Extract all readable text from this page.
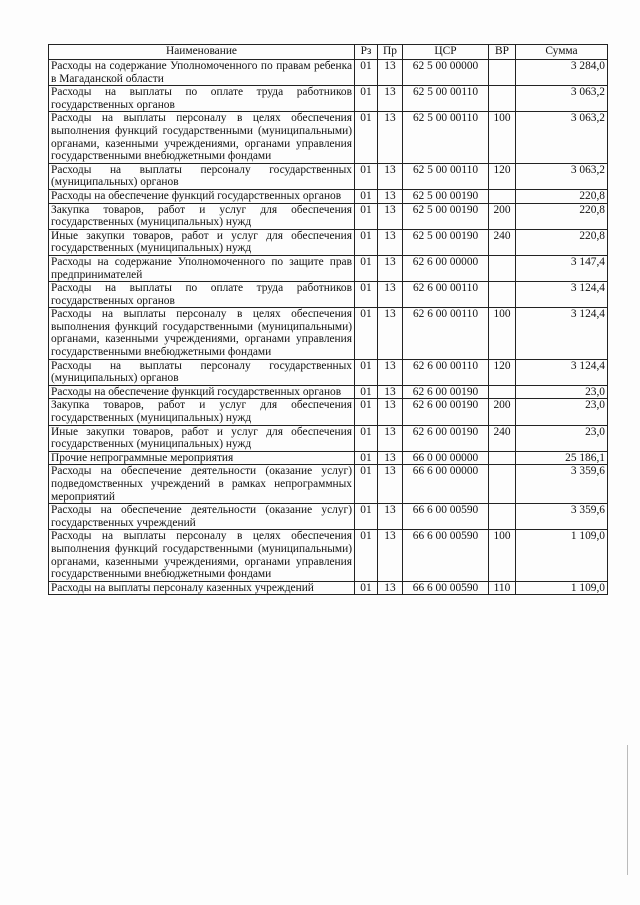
Наименование	Рз	Пр	ЦСР	ВР	Сумма
Расходы на содержание Уполномоченного по правам ребенка в Магаданской области	01	13	62 5 00 00000		3 284,0
Расходы на выплаты по оплате труда работников государственных органов	01	13	62 5 00 00110		3 063,2
Расходы на выплаты персоналу в целях обеспечения выполнения функций государственными (муниципальными) органами, казенными учреждениями, органами управления государственными внебюджетными фондами	01	13	62 5 00 00110	100	3 063,2
Расходы на выплаты персоналу государственных (муниципальных) органов	01	13	62 5 00 00110	120	3 063,2
Расходы на обеспечение функций государственных органов	01	13	62 5 00 00190		220,8
Закупка товаров, работ и услуг для обеспечения государственных (муниципальных) нужд	01	13	62 5 00 00190	200	220,8
Иные закупки товаров, работ и услуг для обеспечения государственных (муниципальных) нужд	01	13	62 5 00 00190	240	220,8
Расходы на содержание Уполномоченного по защите прав предпринимателей	01	13	62 6 00 00000		3 147,4
Расходы на выплаты по оплате труда работников государственных органов	01	13	62 6 00 00110		3 124,4
Расходы на выплаты персоналу в целях обеспечения выполнения функций государственными (муниципальными) органами, казенными учреждениями, органами управления государственными внебюджетными фондами	01	13	62 6 00 00110	100	3 124,4
Расходы на выплаты персоналу государственных (муниципальных) органов	01	13	62 6 00 00110	120	3 124,4
Расходы на обеспечение функций государственных органов	01	13	62 6 00 00190		23,0
Закупка товаров, работ и услуг для обеспечения государственных (муниципальных) нужд	01	13	62 6 00 00190	200	23,0
Иные закупки товаров, работ и услуг для обеспечения государственных (муниципальных) нужд	01	13	62 6 00 00190	240	23,0
Прочие непрограммные мероприятия	01	13	66 0 00 00000		25 186,1
Расходы на обеспечение деятельности (оказание услуг) подведомственных учреждений в рамках непрограммных мероприятий	01	13	66 6 00 00000		3 359,6
Расходы на обеспечение деятельности (оказание услуг) государственных учреждений	01	13	66 6 00 00590		3 359,6
Расходы на выплаты персоналу в целях обеспечения выполнения функций государственными (муниципальными) органами, казенными учреждениями, органами управления государственными внебюджетными фондами	01	13	66 6 00 00590	100	1 109,0
Расходы на выплаты персоналу казенных учреждений	01	13	66 6 00 00590	110	1 109,0
